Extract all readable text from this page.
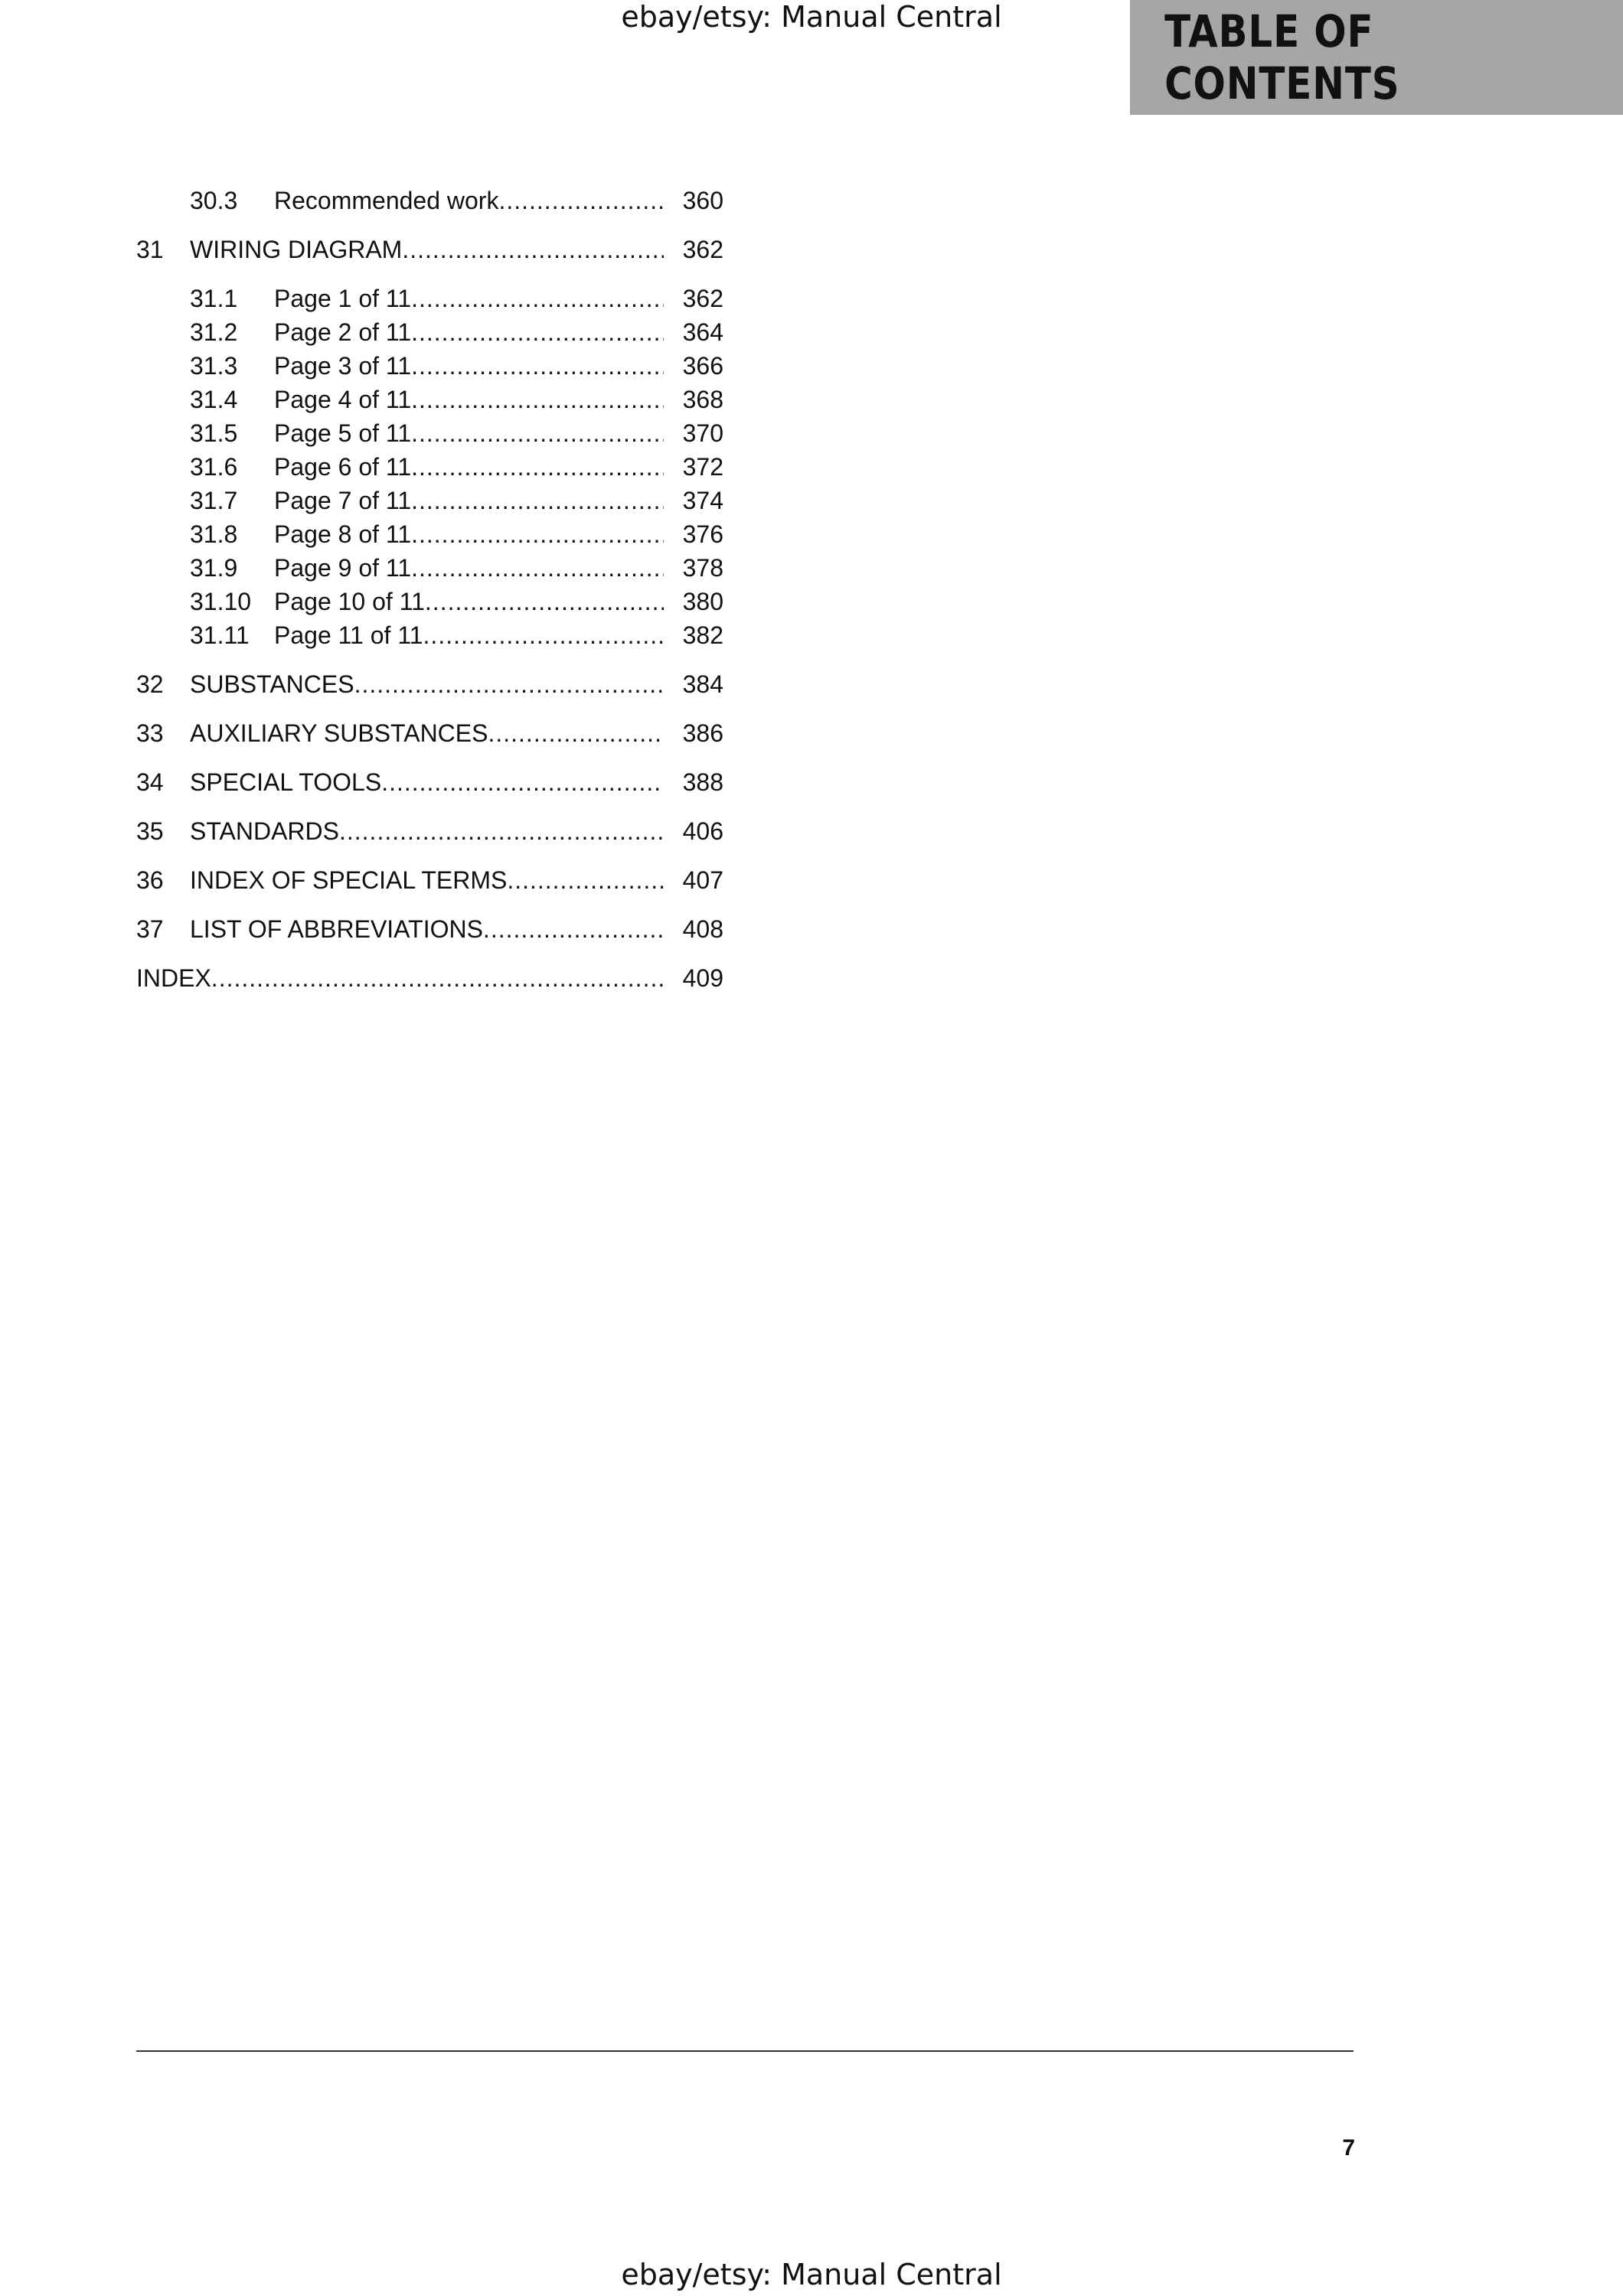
ebay/etsy: Manual Central	TABLE OF CONTENTS
30.3	Recommended work .....	360
31	WIRING DIAGRAM .....	362
31.1	Page 1 of 11 .....	362
31.2	Page 2 of 11 .....	364
31.3	Page 3 of 11 .....	366
31.4	Page 4 of 11 .....	368
31.5	Page 5 of 11 .....	370
31.6	Page 6 of 11 .....	372
31.7	Page 7 of 11 .....	374
31.8	Page 8 of 11 .....	376
31.9	Page 9 of 11 .....	378
31.10 Page 10 of 11 .....	380
31.11	Page 11 of 11 .....	382
32	SUBSTANCES .....	384
33	AUXILIARY SUBSTANCES .....	386
34	SPECIAL TOOLS .....	388
35	STANDARDS .....	406
36	INDEX OF SPECIAL TERMS .....	407
37	LIST OF ABBREVIATIONS .....	408
INDEX .....	409
7
ebay/etsy: Manual Central
